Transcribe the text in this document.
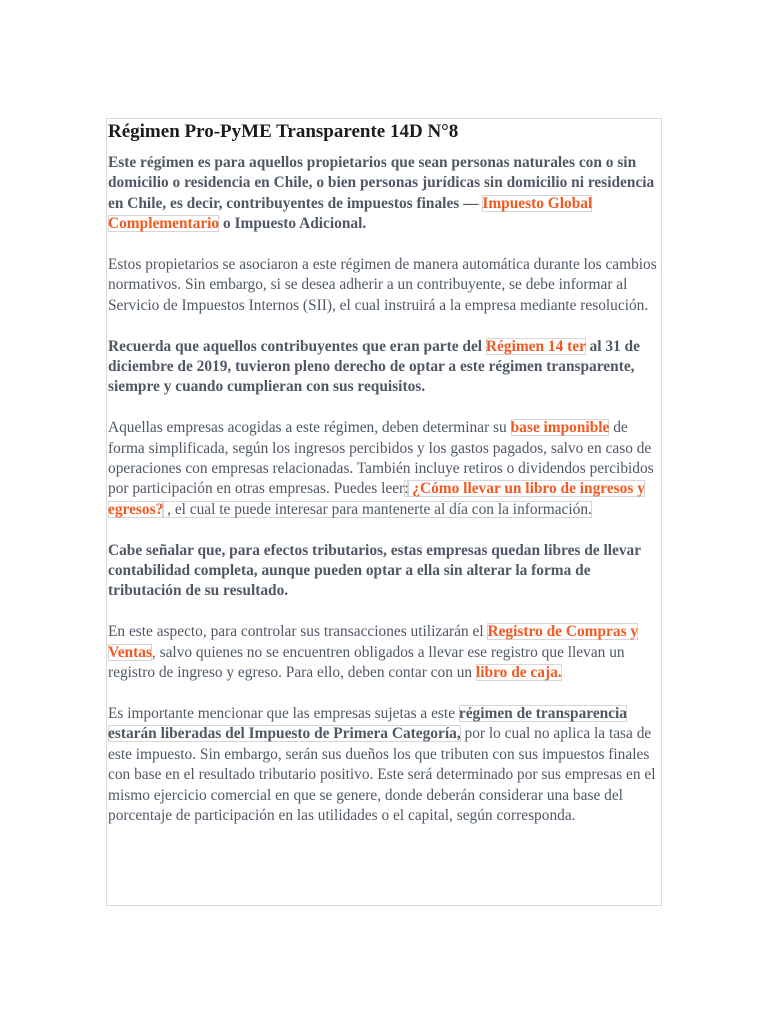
Régimen Pro-PyME Transparente 14D N°8

Este régimen es para aquellos propietarios que sean personas naturales con o sin domicilio o residencia en Chile, o bien personas jurídicas sin domicilio ni residencia en Chile, es decir, contribuyentes de impuestos finales — Impuesto Global Complementario o Impuesto Adicional.

Estos propietarios se asociaron a este régimen de manera automática durante los cambios normativos. Sin embargo, si se desea adherir a un contribuyente, se debe informar al Servicio de Impuestos Internos (SII), el cual instruirá a la empresa mediante resolución.

Recuerda que aquellos contribuyentes que eran parte del Régimen 14 ter al 31 de diciembre de 2019, tuvieron pleno derecho de optar a este régimen transparente, siempre y cuando cumplieran con sus requisitos.

Aquellas empresas acogidas a este régimen, deben determinar su base imponible de forma simplificada, según los ingresos percibidos y los gastos pagados, salvo en caso de operaciones con empresas relacionadas. También incluye retiros o dividendos percibidos por participación en otras empresas. Puedes leer: ¿Cómo llevar un libro de ingresos y egresos? , el cual te puede interesar para mantenerte al día con la información.

Cabe señalar que, para efectos tributarios, estas empresas quedan libres de llevar contabilidad completa, aunque pueden optar a ella sin alterar la forma de tributación de su resultado.

En este aspecto, para controlar sus transacciones utilizarán el Registro de Compras y Ventas, salvo quienes no se encuentren obligados a llevar ese registro que llevan un registro de ingreso y egreso. Para ello, deben contar con un libro de caja.

Es importante mencionar que las empresas sujetas a este régimen de transparencia estarán liberadas del Impuesto de Primera Categoría, por lo cual no aplica la tasa de este impuesto. Sin embargo, serán sus dueños los que tributen con sus impuestos finales con base en el resultado tributario positivo. Este será determinado por sus empresas en el mismo ejercicio comercial en que se genere, donde deberán considerar una base del porcentaje de participación en las utilidades o el capital, según corresponda.
